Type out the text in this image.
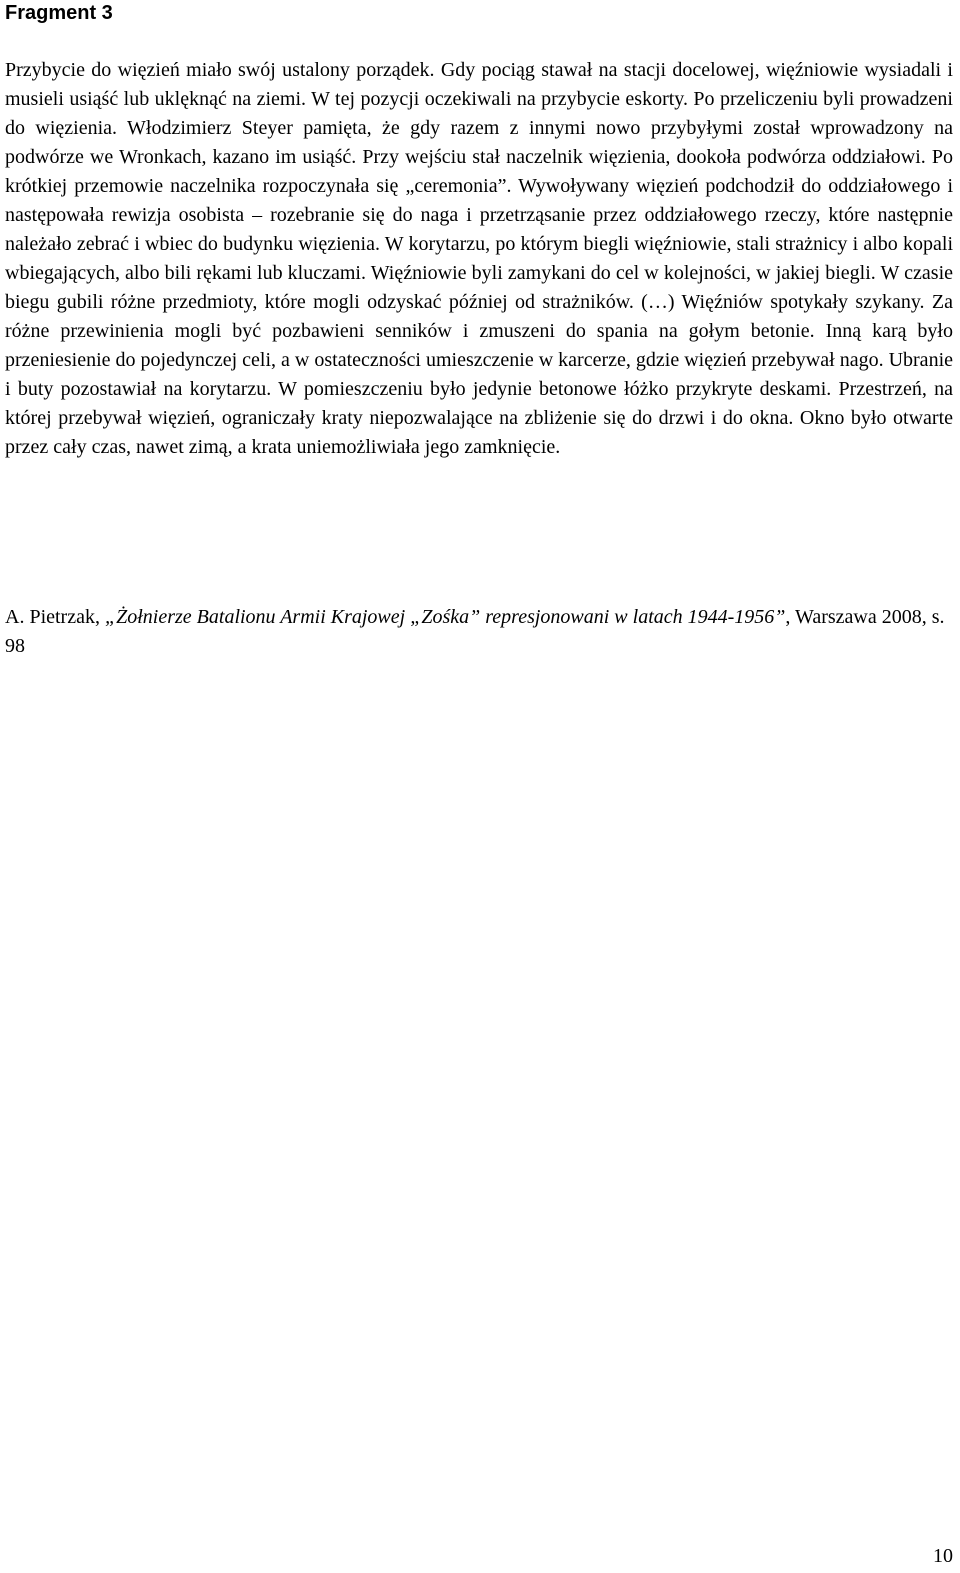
Fragment 3

Przybycie do więzień miało swój ustalony porządek. Gdy pociąg stawał na stacji docelowej, więźniowie wysiadali i musieli usiąść lub uklęknąć na ziemi. W tej pozycji oczekiwali na przybycie eskorty. Po przeliczeniu byli prowadzeni do więzienia. Włodzimierz Steyer pamięta, że gdy razem z innymi nowo przybyłymi został wprowadzony na podwórze we Wronkach, kazano im usiąść. Przy wejściu stał naczelnik więzienia, dookoła podwórza oddziałowi. Po krótkiej przemowie naczelnika rozpoczynała się „ceremonia”. Wywoływany więzień podchodził do oddziałowego i następowała rewizja osobista – rozebranie się do naga i przetrząsanie przez oddziałowego rzeczy, które następnie należało zebrać i wbiec do budynku więzienia. W korytarzu, po którym biegli więźniowie, stali strażnicy i albo kopali wbiegających, albo bili rękami lub kluczami. Więźniowie byli zamykani do cel w kolejności, w jakiej biegli. W czasie biegu gubili różne przedmioty, które mogli odzyskać później od strażników. (…) Więźniów spotykały szykany. Za różne przewinienia mogli być pozbawieni senników i zmuszeni do spania na gołym betonie. Inną karą było przeniesienie do pojedynczej celi, a w ostateczności umieszczenie w karcerze, gdzie więzień przebywał nago. Ubranie i buty pozostawiał na korytarzu. W pomieszczeniu było jedynie betonowe łóżko przykryte deskami. Przestrzeń, na której przebywał więzień, ograniczały kraty niepozwalające na zbliżenie się do drzwi i do okna. Okno było otwarte przez cały czas, nawet zimą, a krata uniemożliwiała jego zamknięcie.

A. Pietrzak, „Żołnierze Batalionu Armii Krajowej „Zośka” represjonowani w latach 1944-1956”, Warszawa 2008, s. 98

10
